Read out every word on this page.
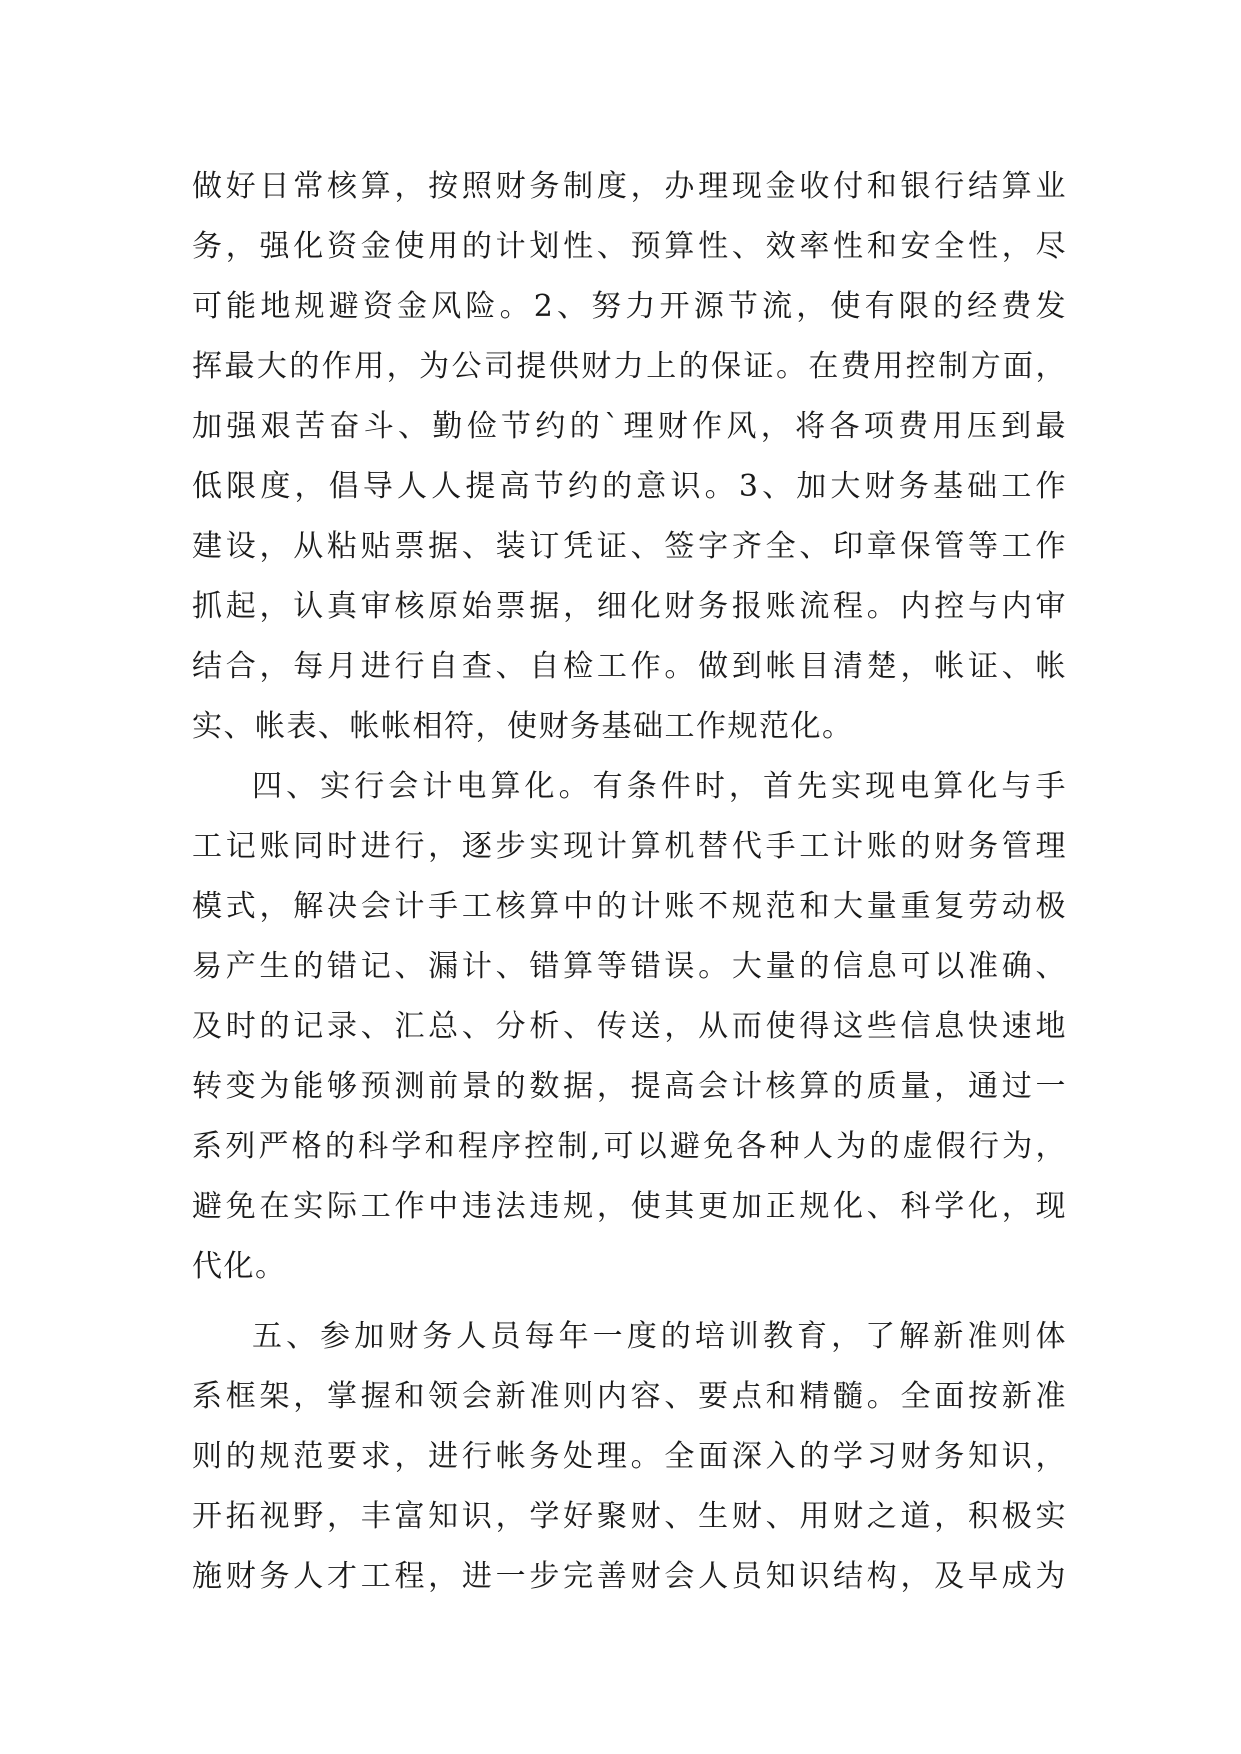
做好日常核算，按照财务制度，办理现金收付和银行结算业
务，强化资金使用的计划性、预算性、效率性和安全性，尽
可能地规避资金风险。2、努力开源节流，使有限的经费发
挥最大的作用，为公司提供财力上的保证。在费用控制方面，
加强艰苦奋斗、勤俭节约的`理财作风，将各项费用压到最
低限度，倡导人人提高节约的意识。3、加大财务基础工作
建设，从粘贴票据、装订凭证、签字齐全、印章保管等工作
抓起，认真审核原始票据，细化财务报账流程。内控与内审
结合，每月进行自查、自检工作。做到帐目清楚，帐证、帐
实、帐表、帐帐相符，使财务基础工作规范化。
四、实行会计电算化。有条件时，首先实现电算化与手
工记账同时进行，逐步实现计算机替代手工计账的财务管理
模式，解决会计手工核算中的计账不规范和大量重复劳动极
易产生的错记、漏计、错算等错误。大量的信息可以准确、
及时的记录、汇总、分析、传送，从而使得这些信息快速地
转变为能够预测前景的数据，提高会计核算的质量，通过一
系列严格的科学和程序控制,可以避免各种人为的虚假行为，
避免在实际工作中违法违规，使其更加正规化、科学化，现
代化。
五、参加财务人员每年一度的培训教育，了解新准则体
系框架，掌握和领会新准则内容、要点和精髓。全面按新准
则的规范要求，进行帐务处理。全面深入的学习财务知识，
开拓视野，丰富知识，学好聚财、生财、用财之道，积极实
施财务人才工程，进一步完善财会人员知识结构，及早成为
